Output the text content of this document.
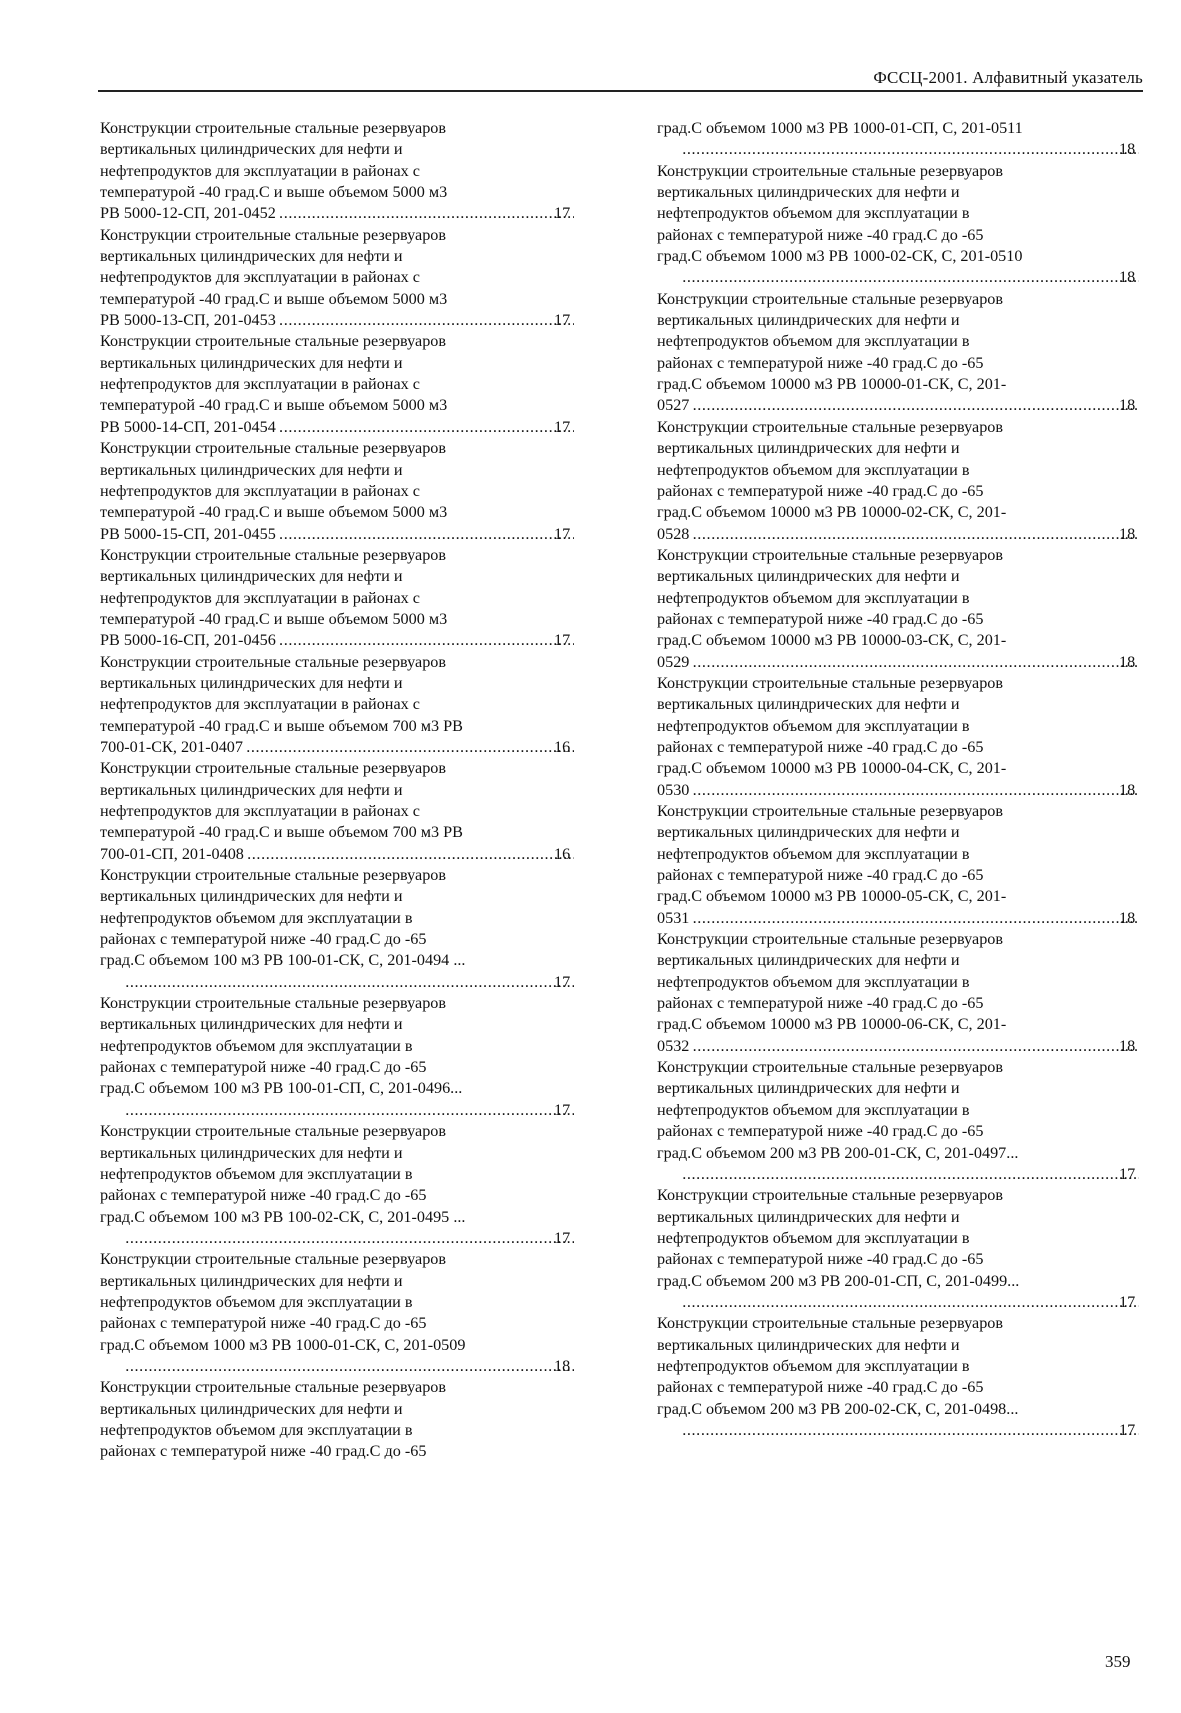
ФССЦ-2001. Алфавитный указатель
Конструкции строительные стальные резервуаров
вертикальных цилиндрических для нефти и
нефтепродуктов для эксплуатации в районах с
температурой -40 град.С и выше объемом 5000 м3
РВ 5000-12-СП, 201-0452 .....	17
Конструкции строительные стальные резервуаров
вертикальных цилиндрических для нефти и
нефтепродуктов для эксплуатации в районах с
температурой -40 град.С и выше объемом 5000 м3
РВ 5000-13-СП, 201-0453 .....	17
Конструкции строительные стальные резервуаров
вертикальных цилиндрических для нефти и
нефтепродуктов для эксплуатации в районах с
температурой -40 град.С и выше объемом 5000 м3
РВ 5000-14-СП, 201-0454 .....	17
Конструкции строительные стальные резервуаров
вертикальных цилиндрических для нефти и
нефтепродуктов для эксплуатации в районах с
температурой -40 град.С и выше объемом 5000 м3
РВ 5000-15-СП, 201-0455 .....	17
Конструкции строительные стальные резервуаров
вертикальных цилиндрических для нефти и
нефтепродуктов для эксплуатации в районах с
температурой -40 град.С и выше объемом 5000 м3
РВ 5000-16-СП, 201-0456 .....	17
Конструкции строительные стальные резервуаров
вертикальных цилиндрических для нефти и
нефтепродуктов для эксплуатации в районах с
температурой -40 град.С и выше объемом 700 м3 РВ
700-01-СК, 201-0407 .....	16
Конструкции строительные стальные резервуаров
вертикальных цилиндрических для нефти и
нефтепродуктов для эксплуатации в районах с
температурой -40 град.С и выше объемом 700 м3 РВ
700-01-СП, 201-0408 .....	16
Конструкции строительные стальные резервуаров
вертикальных цилиндрических для нефти и
нефтепродуктов объемом для эксплуатации в
районах с температурой ниже -40 град.С до -65
град.С объемом 100 м3 РВ 100-01-СК, С, 201-0494 ...
.....
17
Конструкции строительные стальные резервуаров
вертикальных цилиндрических для нефти и
нефтепродуктов объемом для эксплуатации в
районах с температурой ниже -40 град.С до -65
град.С объемом 100 м3 РВ 100-01-СП, С, 201-0496...
.....
17
Конструкции строительные стальные резервуаров
вертикальных цилиндрических для нефти и
нефтепродуктов объемом для эксплуатации в
районах с температурой ниже -40 град.С до -65
град.С объемом 100 м3 РВ 100-02-СК, С, 201-0495 ...
.....
17
Конструкции строительные стальные резервуаров
вертикальных цилиндрических для нефти и
нефтепродуктов объемом для эксплуатации в
районах с температурой ниже -40 град.С до -65
град.С объемом 1000 м3 РВ 1000-01-СК, С, 201-0509
.....
18
Конструкции строительные стальные резервуаров
вертикальных цилиндрических для нефти и
нефтепродуктов объемом для эксплуатации в
районах с температурой ниже -40 град.С до -65
град.С объемом 1000 м3 РВ 1000-01-СП, С, 201-0511
.....
18
Конструкции строительные стальные резервуаров
вертикальных цилиндрических для нефти и
нефтепродуктов объемом для эксплуатации в
районах с температурой ниже -40 град.С до -65
град.С объемом 1000 м3 РВ 1000-02-СК, С, 201-0510
.....
18
Конструкции строительные стальные резервуаров
вертикальных цилиндрических для нефти и
нефтепродуктов объемом для эксплуатации в
районах с температурой ниже -40 град.С до -65
град.С объемом 10000 м3 РВ 10000-01-СК, С, 201-
0527 .....	18
Конструкции строительные стальные резервуаров
вертикальных цилиндрических для нефти и
нефтепродуктов объемом для эксплуатации в
районах с температурой ниже -40 град.С до -65
град.С объемом 10000 м3 РВ 10000-02-СК, С, 201-
0528 .....	18
Конструкции строительные стальные резервуаров
вертикальных цилиндрических для нефти и
нефтепродуктов объемом для эксплуатации в
районах с температурой ниже -40 град.С до -65
град.С объемом 10000 м3 РВ 10000-03-СК, С, 201-
0529 .....	18
Конструкции строительные стальные резервуаров
вертикальных цилиндрических для нефти и
нефтепродуктов объемом для эксплуатации в
районах с температурой ниже -40 град.С до -65
град.С объемом 10000 м3 РВ 10000-04-СК, С, 201-
0530 .....	18
Конструкции строительные стальные резервуаров
вертикальных цилиндрических для нефти и
нефтепродуктов объемом для эксплуатации в
районах с температурой ниже -40 град.С до -65
град.С объемом 10000 м3 РВ 10000-05-СК, С, 201-
0531 .....	18
Конструкции строительные стальные резервуаров
вертикальных цилиндрических для нефти и
нефтепродуктов объемом для эксплуатации в
районах с температурой ниже -40 град.С до -65
град.С объемом 10000 м3 РВ 10000-06-СК, С, 201-
0532 .....	18
Конструкции строительные стальные резервуаров
вертикальных цилиндрических для нефти и
нефтепродуктов объемом для эксплуатации в
районах с температурой ниже -40 град.С до -65
град.С объемом 200 м3 РВ 200-01-СК, С, 201-0497...
.....
17
Конструкции строительные стальные резервуаров
вертикальных цилиндрических для нефти и
нефтепродуктов объемом для эксплуатации в
районах с температурой ниже -40 град.С до -65
град.С объемом 200 м3 РВ 200-01-СП, С, 201-0499...
.....
17
Конструкции строительные стальные резервуаров
вертикальных цилиндрических для нефти и
нефтепродуктов объемом для эксплуатации в
районах с температурой ниже -40 град.С до -65
град.С объемом 200 м3 РВ 200-02-СК, С, 201-0498...
.....
17
359
